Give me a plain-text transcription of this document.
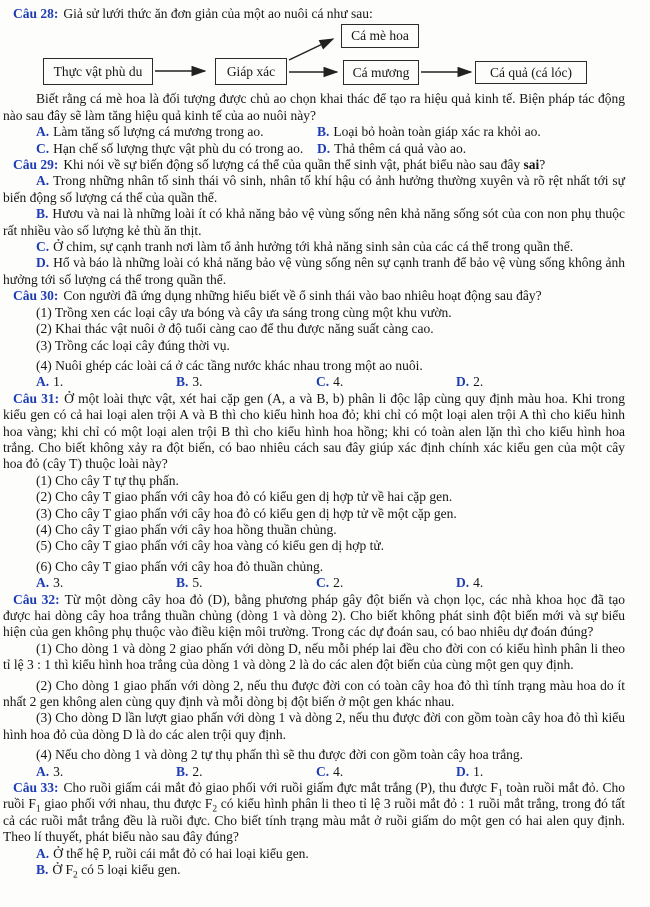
Câu 28: Giả sử lưới thức ăn đơn giản của một ao nuôi cá như sau:

Cá mè hoa
Thực vật phù du	Giáp xác	Cá mương	Cá quả (cá lóc)

Biết rằng cá mè hoa là đối tượng được chủ ao chọn khai thác để tạo ra hiệu quả kinh tế. Biện pháp tác động nào sau đây sẽ làm tăng hiệu quả kinh tế của ao nuôi này?

A. Làm tăng số lượng cá mương trong ao.	B. Loại bỏ hoàn toàn giáp xác ra khỏi ao.
C. Hạn chế số lượng thực vật phù du có trong ao.	D. Thả thêm cá quả vào ao.

Câu 29: Khi nói về sự biến động số lượng cá thể của quần thể sinh vật, phát biểu nào sau đây sai?

A. Trong những nhân tố sinh thái vô sinh, nhân tố khí hậu có ảnh hưởng thường xuyên và rõ rệt nhất tới sự biến động số lượng cá thể của quần thể.

B. Hươu và nai là những loài ít có khả năng bảo vệ vùng sống nên khả năng sống sót của con non phụ thuộc rất nhiều vào số lượng kẻ thù ăn thịt.

C. Ở chim, sự cạnh tranh nơi làm tổ ảnh hưởng tới khả năng sinh sản của các cá thể trong quần thể.

D. Hổ và báo là những loài có khả năng bảo vệ vùng sống nên sự cạnh tranh để bảo vệ vùng sống không ảnh hưởng tới số lượng cá thể trong quần thể.

Câu 30: Con người đã ứng dụng những hiểu biết về ổ sinh thái vào bao nhiêu hoạt động sau đây?

(1) Trồng xen các loại cây ưa bóng và cây ưa sáng trong cùng một khu vườn.

(2) Khai thác vật nuôi ở độ tuổi càng cao để thu được năng suất càng cao.

(3) Trồng các loại cây đúng thời vụ.

(4) Nuôi ghép các loài cá ở các tầng nước khác nhau trong một ao nuôi.

A. 1.	B. 3.	C. 4.	D. 2.

Câu 31: Ở một loài thực vật, xét hai cặp gen (A, a và B, b) phân li độc lập cùng quy định màu hoa. Khi trong kiểu gen có cả hai loại alen trội A và B thì cho kiểu hình hoa đỏ; khi chỉ có một loại alen trội A thì cho kiểu hình hoa vàng; khi chỉ có một loại alen trội B thì cho kiểu hình hoa hồng; khi có toàn alen lặn thì cho kiểu hình hoa trắng. Cho biết không xảy ra đột biến, có bao nhiêu cách sau đây giúp xác định chính xác kiểu gen của một cây hoa đỏ (cây T) thuộc loài này?

(1) Cho cây T tự thụ phấn.

(2) Cho cây T giao phấn với cây hoa đỏ có kiểu gen dị hợp tử về hai cặp gen.

(3) Cho cây T giao phấn với cây hoa đỏ có kiểu gen dị hợp tử về một cặp gen.

(4) Cho cây T giao phấn với cây hoa hồng thuần chủng.

(5) Cho cây T giao phấn với cây hoa vàng có kiểu gen dị hợp tử.

(6) Cho cây T giao phấn với cây hoa đỏ thuần chủng.

A. 3.	B. 5.	C. 2.	D. 4.

Câu 32: Từ một dòng cây hoa đỏ (D), bằng phương pháp gây đột biến và chọn lọc, các nhà khoa học đã tạo được hai dòng cây hoa trắng thuần chủng (dòng 1 và dòng 2). Cho biết không phát sinh đột biến mới và sự biểu hiện của gen không phụ thuộc vào điều kiện môi trường. Trong các dự đoán sau, có bao nhiêu dự đoán đúng?

(1) Cho dòng 1 và dòng 2 giao phấn với dòng D, nếu mỗi phép lai đều cho đời con có kiểu hình phân li theo tỉ lệ 3 : 1 thì kiểu hình hoa trắng của dòng 1 và dòng 2 là do các alen đột biến của cùng một gen quy định.

(2) Cho dòng 1 giao phấn với dòng 2, nếu thu được đời con có toàn cây hoa đỏ thì tính trạng màu hoa do ít nhất 2 gen không alen cùng quy định và mỗi dòng bị đột biến ở một gen khác nhau.

(3) Cho dòng D lần lượt giao phấn với dòng 1 và dòng 2, nếu thu được đời con gồm toàn cây hoa đỏ thì kiểu hình hoa đỏ của dòng D là do các alen trội quy định.

(4) Nếu cho dòng 1 và dòng 2 tự thụ phấn thì sẽ thu được đời con gồm toàn cây hoa trắng.

A. 3.	B. 2.	C. 4.	D. 1.

Câu 33: Cho ruồi giấm cái mắt đỏ giao phối với ruồi giấm đực mắt trắng (P), thu được $F_1$ toàn ruồi mắt đỏ. Cho ruồi $F_1$ giao phối với nhau, thu được $F_2$ có kiểu hình phân li theo tỉ lệ 3 ruồi mắt đỏ : 1 ruồi mắt trắng, trong đó tất cả các ruồi mắt trắng đều là ruồi đực. Cho biết tính trạng màu mắt ở ruồi giấm do một gen có hai alen quy định. Theo lí thuyết, phát biểu nào sau đây đúng?

A. Ở thế hệ P, ruồi cái mắt đỏ có hai loại kiểu gen.

B. Ở $F_2$ có 5 loại kiểu gen.
